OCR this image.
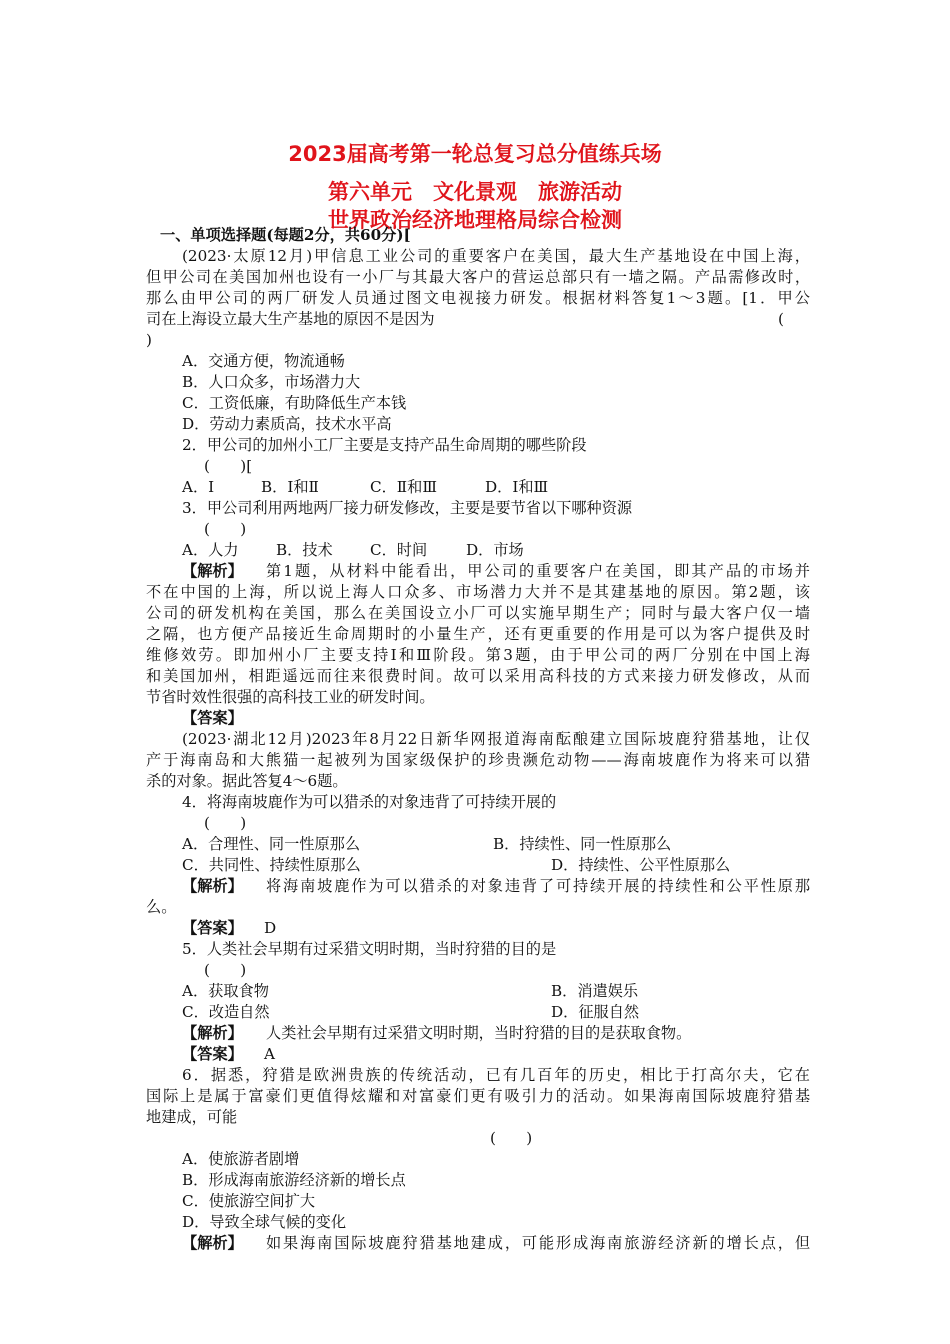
2023届高考第一轮总复习总分值练兵场
第六单元　文化景观　旅游活动
世界政治经济地理格局综合检测
一、单项选择题(每题2分，共60分)[
(2023·太原12月)甲信息工业公司的重要客户在美国，最大生产基地设在中国上海，
但甲公司在美国加州也设有一小厂与其最大客户的营运总部只有一墙之隔。产品需修改时，
那么由甲公司的两厂研发人员通过图文电视接力研发。根据材料答复1～3题。[1．甲公
司在上海设立最大生产基地的原因不是因为	(
)
A．交通方便，物流通畅
B．人口众多，市场潜力大
C．工资低廉，有助降低生产本钱
D．劳动力素质高，技术水平高
2．甲公司的加州小工厂主要是支持产品生命周期的哪些阶段
(　　)[
A．Ⅰ	B．Ⅰ和Ⅱ	C．Ⅱ和Ⅲ	D．Ⅰ和Ⅲ
3．甲公司利用两地两厂接力研发修改，主要是要节省以下哪种资源
(　　)
A．人力 B．技术 C．时间	D．市场
【解析】 第1题，从材料中能看出，甲公司的重要客户在美国，即其产品的市场并
不在中国的上海，所以说上海人口众多、市场潜力大并不是其建基地的原因。第2题，该
公司的研发机构在美国，那么在美国设立小厂可以实施早期生产；同时与最大客户仅一墙
之隔，也方便产品接近生命周期时的小量生产，还有更重要的作用是可以为客户提供及时
维修效劳。即加州小厂主要支持Ⅰ和Ⅲ阶段。第3题，由于甲公司的两厂分别在中国上海
和美国加州，相距遥远而往来很费时间。故可以采用高科技的方式来接力研发修改，从而
节省时效性很强的高科技工业的研发时间。
【答案】
(2023·湖北12月)2023年8月22日新华网报道海南酝酿建立国际坡鹿狩猎基地，让仅
产于海南岛和大熊猫一起被列为国家级保护的珍贵濒危动物——海南坡鹿作为将来可以猎
杀的对象。据此答复4～6题。
4．将海南坡鹿作为可以猎杀的对象违背了可持续开展的
(　　)
A．合理性、同一性原那么	B．持续性、同一性原那么
C．共同性、持续性原那么	D．持续性、公平性原那么
【解析】 将海南坡鹿作为可以猎杀的对象违背了可持续开展的持续性和公平性原那
么。
【答案】 D
5．人类社会早期有过采猎文明时期，当时狩猎的目的是
(　　)
A．获取食物	B．消遣娱乐
C．改造自然	D．征服自然
【解析】 人类社会早期有过采猎文明时期，当时狩猎的目的是获取食物。
【答案】 A
6．据悉，狩猎是欧洲贵族的传统活动，已有几百年的历史，相比于打高尔夫，它在
国际上是属于富豪们更值得炫耀和对富豪们更有吸引力的活动。如果海南国际坡鹿狩猎基
地建成，可能
(　　)
A．使旅游者剧增
B．形成海南旅游经济新的增长点
C．使旅游空间扩大
D．导致全球气候的变化
【解析】 如果海南国际坡鹿狩猎基地建成，可能形成海南旅游经济新的增长点，但
